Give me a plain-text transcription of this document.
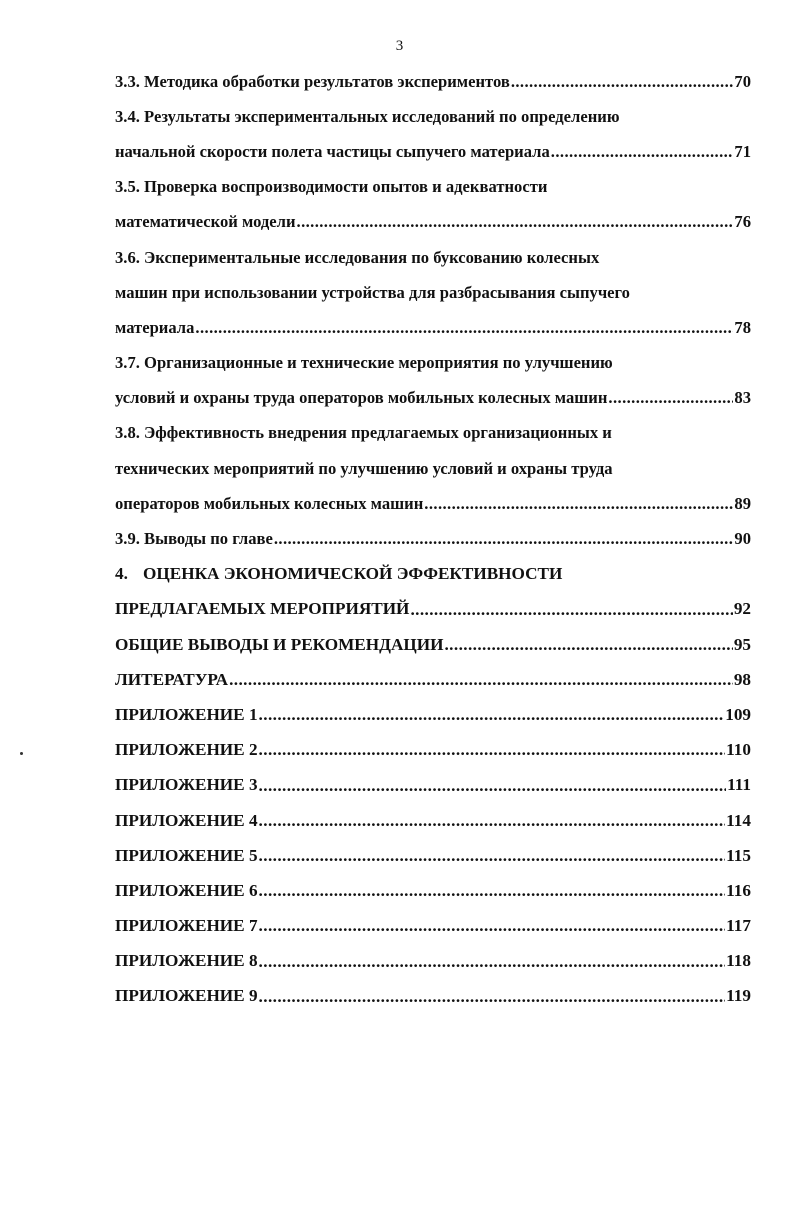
3
3.3. Методика обработки результатов экспериментов .....	70
3.4. Результаты экспериментальных исследований по определению
начальной скорости полета частицы сыпучего материала .....	71
3.5. Проверка воспроизводимости опытов и адекватности
математической модели .....	76
3.6. Экспериментальные исследования по буксованию колесных
машин при использовании устройства для разбрасывания сыпучего
материала .....	78
3.7. Организационные и технические мероприятия по улучшению
условий и охраны труда операторов мобильных колесных машин .....	83
3.8. Эффективность внедрения предлагаемых организационных и
технических мероприятий по улучшению условий и охраны труда
операторов мобильных колесных машин .....	89
3.9. Выводы по главе .....	90
4. ОЦЕНКА ЭКОНОМИЧЕСКОЙ ЭФФЕКТИВНОСТИ
ПРЕДЛАГАЕМЫХ МЕРОПРИЯТИЙ .....	92
ОБЩИЕ ВЫВОДЫ И РЕКОМЕНДАЦИИ .....	95
ЛИТЕРАТУРА .....	98
ПРИЛОЖЕНИЕ 1 .....	109
ПРИЛОЖЕНИЕ 2 .....	110
ПРИЛОЖЕНИЕ 3 .....	111
ПРИЛОЖЕНИЕ 4 .....	114
ПРИЛОЖЕНИЕ 5 .....	115
ПРИЛОЖЕНИЕ 6 .....	116
ПРИЛОЖЕНИЕ 7 .....	117
ПРИЛОЖЕНИЕ 8 .....	118
ПРИЛОЖЕНИЕ 9 .....	119
